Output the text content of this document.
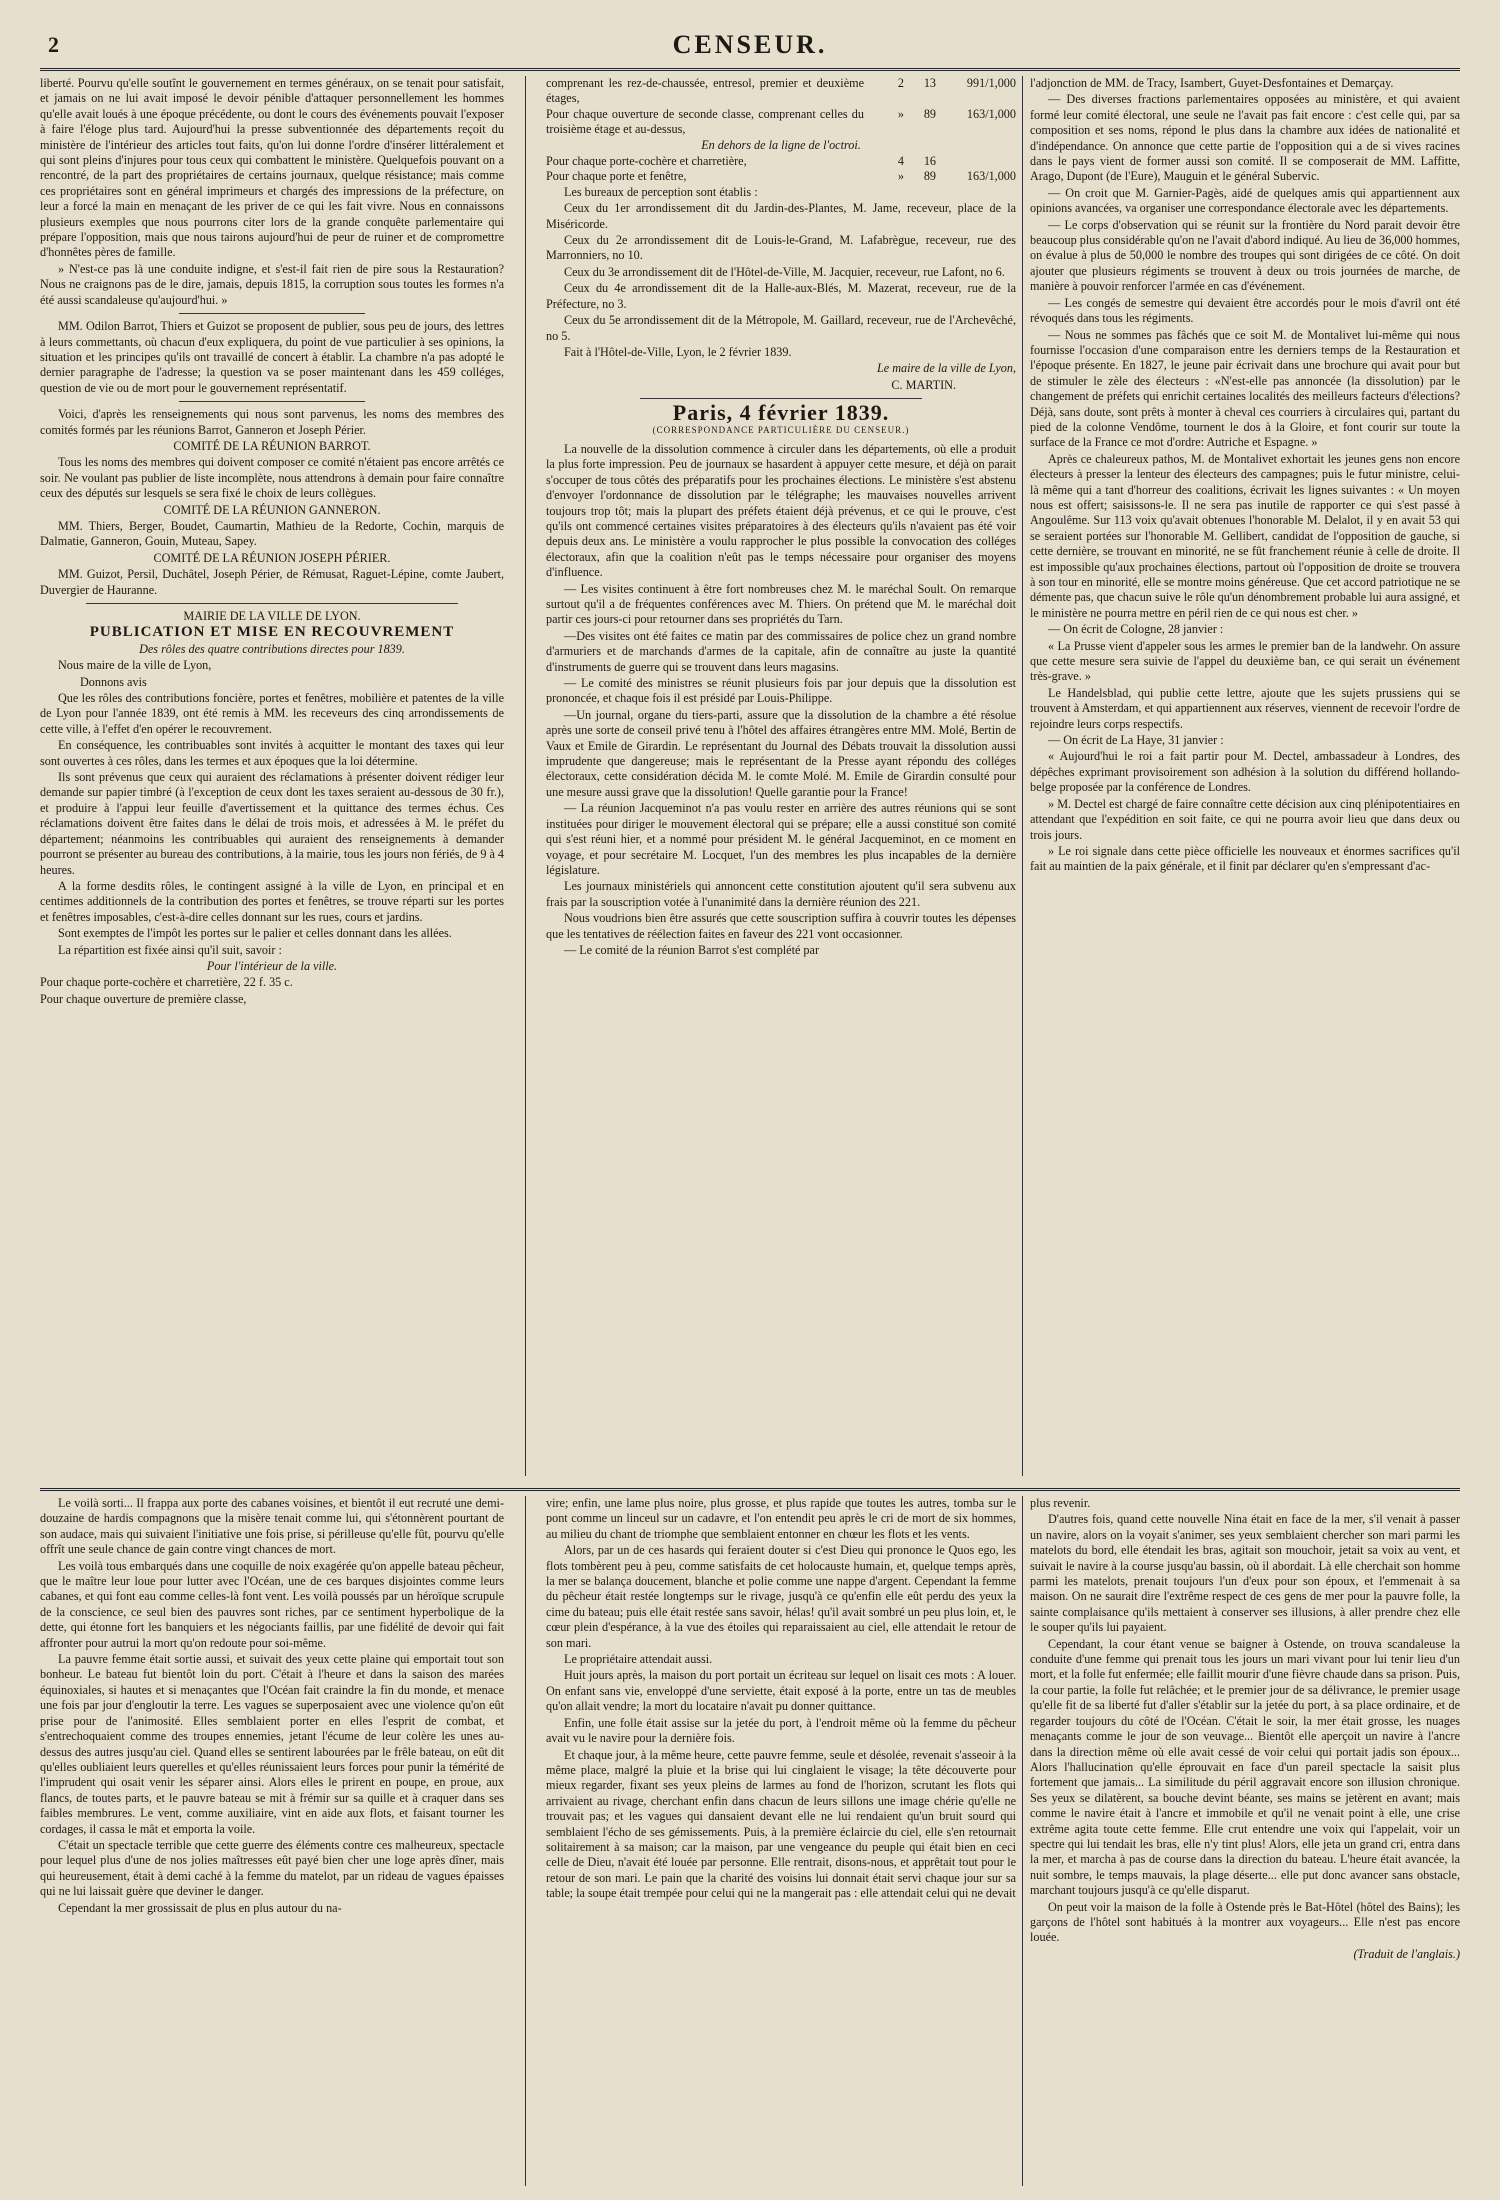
2	CENSEUR.

liberté. Pourvu qu'elle soutînt le gouvernement en termes généraux, on se tenait pour satisfait, et jamais on ne lui avait imposé le devoir pénible d'attaquer personnellement les hommes qu'elle avait loués à une époque précédente, ou dont le cours des événements pouvait l'exposer à faire l'éloge plus tard. Aujourd'hui la presse subventionnée des départements reçoit du ministère de l'intérieur des articles tout faits, qu'on lui donne l'ordre d'insérer littéralement et qui sont pleins d'injures pour tous ceux qui combattent le ministère. Quelquefois pouvant on a rencontré, de la part des propriétaires de certains journaux, quelque résistance; mais comme ces propriétaires sont en général imprimeurs et chargés des impressions de la préfecture, on leur a forcé la main en menaçant de les priver de ce qui les fait vivre. Nous en connaissons plusieurs exemples que nous pourrons citer lors de la grande conquête parlementaire qui prépare l'opposition, mais que nous tairons aujourd'hui de peur de ruiner et de compromettre d'honnêtes pères de famille.

» N'est-ce pas là une conduite indigne, et s'est-il fait rien de pire sous la Restauration? Nous ne craignons pas de le dire, jamais, depuis 1815, la corruption sous toutes les formes n'a été aussi scandaleuse qu'aujourd'hui. »

MM. Odilon Barrot, Thiers et Guizot se proposent de publier, sous peu de jours, des lettres à leurs commettants, où chacun d'eux expliquera, du point de vue particulier à ses opinions, la situation et les principes qu'ils ont travaillé de concert à établir. La chambre n'a pas adopté le dernier paragraphe de l'adresse; la question va se poser maintenant dans les 459 colléges, question de vie ou de mort pour le gouvernement représentatif.

Voici, d'après les renseignements qui nous sont parvenus, les noms des membres des comités formés par les réunions Barrot, Ganneron et Joseph Périer.

COMITÉ DE LA RÉUNION BARROT.

Tous les noms des membres qui doivent composer ce comité n'étaient pas encore arrêtés ce soir. Ne voulant pas publier de liste incomplète, nous attendrons à demain pour faire connaître ceux des députés sur lesquels se sera fixé le choix de leurs collègues.

COMITÉ DE LA RÉUNION GANNERON.

MM. Thiers, Berger, Boudet, Caumartin, Mathieu de la Redorte, Cochin, marquis de Dalmatie, Ganneron, Gouin, Muteau, Sapey.

COMITÉ DE LA RÉUNION JOSEPH PÉRIER.

MM. Guizot, Persil, Duchâtel, Joseph Périer, de Rémusat, Raguet-Lépine, comte Jaubert, Duvergier de Hauranne.

MAIRIE DE LA VILLE DE LYON.

PUBLICATION ET MISE EN RECOUVREMENT

Des rôles des quatre contributions directes pour 1839.

Nous maire de la ville de Lyon,

Donnons avis

Que les rôles des contributions foncière, portes et fenêtres, mobilière et patentes de la ville de Lyon pour l'année 1839, ont été remis à MM. les receveurs des cinq arrondissements de cette ville, à l'effet d'en opérer le recouvrement.

En conséquence, les contribuables sont invités à acquitter le montant des taxes qui leur sont ouvertes à ces rôles, dans les termes et aux époques que la loi détermine.

Ils sont prévenus que ceux qui auraient des réclamations à présenter doivent rédiger leur demande sur papier timbré (à l'exception de ceux dont les taxes seraient au-dessous de 30 fr.), et produire à l'appui leur feuille d'avertissement et la quittance des termes échus. Ces réclamations doivent être faites dans le délai de trois mois, et adressées à M. le préfet du département; néanmoins les contribuables qui auraient des renseignements à demander pourront se présenter au bureau des contributions, à la mairie, tous les jours non fériés, de 9 à 4 heures.

A la forme desdits rôles, le contingent assigné à la ville de Lyon, en principal et en centimes additionnels de la contribution des portes et fenêtres, se trouve réparti sur les portes et fenêtres imposables, c'est-à-dire celles donnant sur les rues, cours et jardins.

Sont exemptes de l'impôt les portes sur le palier et celles donnant dans les allées.

La répartition est fixée ainsi qu'il suit, savoir :

Pour l'intérieur de la ville.

Pour chaque porte-cochère et charretière, 22 f. 35 c.

Pour chaque ouverture de première classe,

comprenant les rez-de-chaussée, entresol, premier et deuxième étages,
2	13	991/1,000
Pour chaque ouverture de seconde classe, comprenant celles du troisième étage et au-dessus,
»	89	163/1,000

En dehors de la ligne de l'octroi.

Pour chaque porte-cochère et charretière,	4	16
Pour chaque porte et fenêtre,	»	89	163/1,000

Les bureaux de perception sont établis :

Ceux du 1er arrondissement dit du Jardin-des-Plantes, M. Jame, receveur, place de la Miséricorde.

Ceux du 2e arrondissement dit de Louis-le-Grand, M. Lafabrègue, receveur, rue des Marronniers, no 10.

Ceux du 3e arrondissement dit de l'Hôtel-de-Ville, M. Jacquier, receveur, rue Lafont, no 6.

Ceux du 4e arrondissement dit de la Halle-aux-Blés, M. Mazerat, receveur, rue de la Préfecture, no 3.

Ceux du 5e arrondissement dit de la Métropole, M. Gaillard, receveur, rue de l'Archevêché, no 5.

Fait à l'Hôtel-de-Ville, Lyon, le 2 février 1839.

Le maire de la ville de Lyon,

C. MARTIN.

Paris, 4 février 1839.
(CORRESPONDANCE PARTICULIÈRE DU CENSEUR.)

La nouvelle de la dissolution commence à circuler dans les départements, où elle a produit la plus forte impression. Peu de journaux se hasardent à appuyer cette mesure, et déjà on parait s'occuper de tous côtés des préparatifs pour les prochaines élections. Le ministère s'est abstenu d'envoyer l'ordonnance de dissolution par le télégraphe; les mauvaises nouvelles arrivent toujours trop tôt; mais la plupart des préfets étaient déjà prévenus, et ce qui le prouve, c'est qu'ils ont commencé certaines visites préparatoires à des électeurs qu'ils n'avaient pas été voir depuis deux ans. Le ministère a voulu rapprocher le plus possible la convocation des colléges électoraux, afin que la coalition n'eût pas le temps nécessaire pour organiser des moyens d'influence.

— Les visites continuent à être fort nombreuses chez M. le maréchal Soult. On remarque surtout qu'il a de fréquentes conférences avec M. Thiers. On prétend que M. le maréchal doit partir ces jours-ci pour retourner dans ses propriétés du Tarn.

—Des visites ont été faites ce matin par des commissaires de police chez un grand nombre d'armuriers et de marchands d'armes de la capitale, afin de connaître au juste la quantité d'instruments de guerre qui se trouvent dans leurs magasins.

— Le comité des ministres se réunit plusieurs fois par jour depuis que la dissolution est prononcée, et chaque fois il est présidé par Louis-Philippe.

—Un journal, organe du tiers-parti, assure que la dissolution de la chambre a été résolue après une sorte de conseil privé tenu à l'hôtel des affaires étrangères entre MM. Molé, Bertin de Vaux et Emile de Girardin. Le représentant du Journal des Débats trouvait la dissolution aussi imprudente que dangereuse; mais le représentant de la Presse ayant répondu des colléges électoraux, cette considération décida M. le comte Molé. M. Emile de Girardin consulté pour une mesure aussi grave que la dissolution! Quelle garantie pour la France!

— La réunion Jacqueminot n'a pas voulu rester en arrière des autres réunions qui se sont instituées pour diriger le mouvement électoral qui se prépare; elle a aussi constitué son comité qui s'est réuni hier, et a nommé pour président M. le général Jacqueminot, en ce moment en voyage, et pour secrétaire M. Locquet, l'un des membres les plus incapables de la dernière législature.

Les journaux ministériels qui annoncent cette constitution ajoutent qu'il sera subvenu aux frais par la souscription votée à l'unanimité dans la dernière réunion des 221.

Nous voudrions bien être assurés que cette souscription suffira à couvrir toutes les dépenses que les tentatives de réélection faites en faveur des 221 vont occasionner.

— Le comité de la réunion Barrot s'est complété par

l'adjonction de MM. de Tracy, Isambert, Guyet-Desfontaines et Demarçay.

— Des diverses fractions parlementaires opposées au ministère, et qui avaient formé leur comité électoral, une seule ne l'avait pas fait encore : c'est celle qui, par sa composition et ses noms, répond le plus dans la chambre aux idées de nationalité et d'indépendance. On annonce que cette partie de l'opposition qui a de si vives racines dans le pays vient de former aussi son comité. Il se composerait de MM. Laffitte, Arago, Dupont (de l'Eure), Mauguin et le général Subervic.

— On croit que M. Garnier-Pagès, aidé de quelques amis qui appartiennent aux opinions avancées, va organiser une correspondance électorale avec les départements.

— Le corps d'observation qui se réunit sur la frontière du Nord parait devoir être beaucoup plus considérable qu'on ne l'avait d'abord indiqué. Au lieu de 36,000 hommes, on évalue à plus de 50,000 le nombre des troupes qui sont dirigées de ce côté. On doit ajouter que plusieurs régiments se trouvent à deux ou trois journées de marche, de manière à pouvoir renforcer l'armée en cas d'événement.

— Les congés de semestre qui devaient être accordés pour le mois d'avril ont été révoqués dans tous les régiments.

— Nous ne sommes pas fâchés que ce soit M. de Montalivet lui-même qui nous fournisse l'occasion d'une comparaison entre les derniers temps de la Restauration et l'époque présente. En 1827, le jeune pair écrivait dans une brochure qui avait pour but de stimuler le zèle des électeurs : «N'est-elle pas annoncée (la dissolution) par le changement de préfets qui enrichit certaines localités des meilleurs facteurs d'élections? Déjà, sans doute, sont prêts à monter à cheval ces courriers à circulaires qui, partant du pied de la colonne Vendôme, tournent le dos à la Gloire, et font courir sur toute la surface de la France ce mot d'ordre: Autriche et Espagne. »

Après ce chaleureux pathos, M. de Montalivet exhortait les jeunes gens non encore électeurs à presser la lenteur des électeurs des campagnes; puis le futur ministre, celui-là même qui a tant d'horreur des coalitions, écrivait les lignes suivantes : « Un moyen nous est offert; saisissons-le. Il ne sera pas inutile de rapporter ce qui s'est passé à Angoulême. Sur 113 voix qu'avait obtenues l'honorable M. Delalot, il y en avait 53 qui se seraient portées sur l'honorable M. Gellibert, candidat de l'opposition de gauche, si cette dernière, se trouvant en minorité, ne se fût franchement réunie à celle de droite. Il est impossible qu'aux prochaines élections, partout où l'opposition de droite se trouvera à son tour en minorité, elle se montre moins généreuse. Que cet accord patriotique ne se démente pas, que chacun suive le rôle qu'un dénombrement probable lui aura assigné, et le ministère ne pourra mettre en péril rien de ce qui nous est cher. »

— On écrit de Cologne, 28 janvier :

« La Prusse vient d'appeler sous les armes le premier ban de la landwehr. On assure que cette mesure sera suivie de l'appel du deuxième ban, ce qui serait un événement très-grave. »

Le Handelsblad, qui publie cette lettre, ajoute que les sujets prussiens qui se trouvent à Amsterdam, et qui appartiennent aux réserves, viennent de recevoir l'ordre de rejoindre leurs corps respectifs.

— On écrit de La Haye, 31 janvier :

« Aujourd'hui le roi a fait partir pour M. Dectel, ambassadeur à Londres, des dépêches exprimant provisoirement son adhésion à la solution du différend hollando-belge proposée par la conférence de Londres.

» M. Dectel est chargé de faire connaître cette décision aux cinq plénipotentiaires en attendant que l'expédition en soit faite, ce qui ne pourra avoir lieu que dans deux ou trois jours.

» Le roi signale dans cette pièce officielle les nouveaux et énormes sacrifices qu'il fait au maintien de la paix générale, et il finit par déclarer qu'en s'empressant d'ac-

Le voilà sorti... Il frappa aux porte des cabanes voisines, et bientôt il eut recruté une demi-douzaine de hardis compagnons que la misère tenait comme lui, qui s'étonnèrent pourtant de son audace, mais qui suivaient l'initiative une fois prise, si périlleuse qu'elle fût, pourvu qu'elle offrît une seule chance de gain contre vingt chances de mort.

Les voilà tous embarqués dans une coquille de noix exagérée qu'on appelle bateau pêcheur, que le maître leur loue pour lutter avec l'Océan, une de ces barques disjointes comme leurs cabanes, et qui font eau comme celles-là font vent. Les voilà poussés par un héroïque scrupule de la conscience, ce seul bien des pauvres sont riches, par ce sentiment hyperbolique de la dette, qui étonne fort les banquiers et les négociants faillis, par une fidélité de devoir qui fait affronter pour autrui la mort qu'on redoute pour soi-même.

La pauvre femme était sortie aussi, et suivait des yeux cette plaine qui emportait tout son bonheur. Le bateau fut bientôt loin du port. C'était à l'heure et dans la saison des marées équinoxiales, si hautes et si menaçantes que l'Océan fait craindre la fin du monde, et menace une fois par jour d'engloutir la terre. Les vagues se superposaient avec une violence qu'on eût prise pour de l'animosité. Elles semblaient porter en elles l'esprit de combat, et s'entrechoquaient comme des troupes ennemies, jetant l'écume de leur colère les unes au-dessus des autres jusqu'au ciel. Quand elles se sentirent labourées par le frêle bateau, on eût dit qu'elles oubliaient leurs querelles et qu'elles réunissaient leurs forces pour punir la témérité de l'imprudent qui osait venir les séparer ainsi. Alors elles le prirent en poupe, en proue, aux flancs, de toutes parts, et le pauvre bateau se mit à frémir sur sa quille et à craquer dans ses faibles membrures. Le vent, comme auxiliaire, vint en aide aux flots, et faisant tourner les cordages, il cassa le mât et emporta la voile.

C'était un spectacle terrible que cette guerre des éléments contre ces malheureux, spectacle pour lequel plus d'une de nos jolies maîtresses eût payé bien cher une loge après dîner, mais qui heureusement, était à demi caché à la femme du matelot, par un rideau de vagues épaisses qui ne lui laissait guère que deviner le danger.

Cependant la mer grossissait de plus en plus autour du na-

vire; enfin, une lame plus noire, plus grosse, et plus rapide que toutes les autres, tomba sur le pont comme un linceul sur un cadavre, et l'on entendit peu après le cri de mort de six hommes, au milieu du chant de triomphe que semblaient entonner en chœur les flots et les vents.

Alors, par un de ces hasards qui feraient douter si c'est Dieu qui prononce le Quos ego, les flots tombèrent peu à peu, comme satisfaits de cet holocauste humain, et, quelque temps après, la mer se balança doucement, blanche et polie comme une nappe d'argent. Cependant la femme du pêcheur était restée longtemps sur le rivage, jusqu'à ce qu'enfin elle eût perdu des yeux la cime du bateau; puis elle était restée sans savoir, hélas! qu'il avait sombré un peu plus loin, et, le cœur plein d'espérance, à la vue des étoiles qui reparaissaient au ciel, elle attendait le retour de son mari.

Le propriétaire attendait aussi.

Huit jours après, la maison du port portait un écriteau sur lequel on lisait ces mots : A louer. On enfant sans vie, enveloppé d'une serviette, était exposé à la porte, entre un tas de meubles qu'on allait vendre; la mort du locataire n'avait pu donner quittance.

Enfin, une folle était assise sur la jetée du port, à l'endroit même où la femme du pêcheur avait vu le navire pour la dernière fois.

Et chaque jour, à la même heure, cette pauvre femme, seule et désolée, revenait s'asseoir à la même place, malgré la pluie et la brise qui lui cinglaient le visage; la tête découverte pour mieux regarder, fixant ses yeux pleins de larmes au fond de l'horizon, scrutant les flots qui arrivaient au rivage, cherchant enfin dans chacun de leurs sillons une image chérie qu'elle ne trouvait pas; et les vagues qui dansaient devant elle ne lui rendaient qu'un bruit sourd qui semblaient l'écho de ses gémissements. Puis, à la première éclaircie du ciel, elle s'en retournait solitairement à sa maison; car la maison, par une vengeance du peuple qui était bien en ceci celle de Dieu, n'avait été louée par personne. Elle rentrait, disons-nous, et apprêtait tout pour le retour de son mari. Le pain que la charité des voisins lui donnait était servi chaque jour sur sa table; la soupe était trempée pour celui qui ne la mangerait pas : elle attendait celui qui ne devait

plus revenir.

D'autres fois, quand cette nouvelle Nina était en face de la mer, s'il venait à passer un navire, alors on la voyait s'animer, ses yeux semblaient chercher son mari parmi les matelots du bord, elle étendait les bras, agitait son mouchoir, jetait sa voix au vent, et suivait le navire à la course jusqu'au bassin, où il abordait. Là elle cherchait son homme parmi les matelots, prenait toujours l'un d'eux pour son époux, et l'emmenait à sa maison. On ne saurait dire l'extrême respect de ces gens de mer pour la pauvre folle, la sainte complaisance qu'ils mettaient à conserver ses illusions, à aller prendre chez elle le souper qu'ils lui payaient.

Cependant, la cour étant venue se baigner à Ostende, on trouva scandaleuse la conduite d'une femme qui prenait tous les jours un mari vivant pour lui tenir lieu d'un mort, et la folle fut enfermée; elle faillit mourir d'une fièvre chaude dans sa prison. Puis, la cour partie, la folle fut relâchée; et le premier jour de sa délivrance, le premier usage qu'elle fit de sa liberté fut d'aller s'établir sur la jetée du port, à sa place ordinaire, et de regarder toujours du côté de l'Océan. C'était le soir, la mer était grosse, les nuages menaçants comme le jour de son veuvage... Bientôt elle aperçoit un navire à l'ancre dans la direction même où elle avait cessé de voir celui qui portait jadis son époux... Alors l'hallucination qu'elle éprouvait en face d'un pareil spectacle la saisit plus fortement que jamais... La similitude du péril aggravait encore son illusion chronique. Ses yeux se dilatèrent, sa bouche devint béante, ses mains se jetèrent en avant; mais comme le navire était à l'ancre et immobile et qu'il ne venait point à elle, une crise extrême agita toute cette femme. Elle crut entendre une voix qui l'appelait, voir un spectre qui lui tendait les bras, elle n'y tint plus! Alors, elle jeta un grand cri, entra dans la mer, et marcha à pas de course dans la direction du bateau. L'heure était avancée, la nuit sombre, le temps mauvais, la plage déserte... elle put donc avancer sans obstacle, marchant toujours jusqu'à ce qu'elle disparut.

On peut voir la maison de la folle à Ostende près le Bat-Hôtel (hôtel des Bains); les garçons de l'hôtel sont habitués à la montrer aux voyageurs... Elle n'est pas encore louée.

(Traduit de l'anglais.)
